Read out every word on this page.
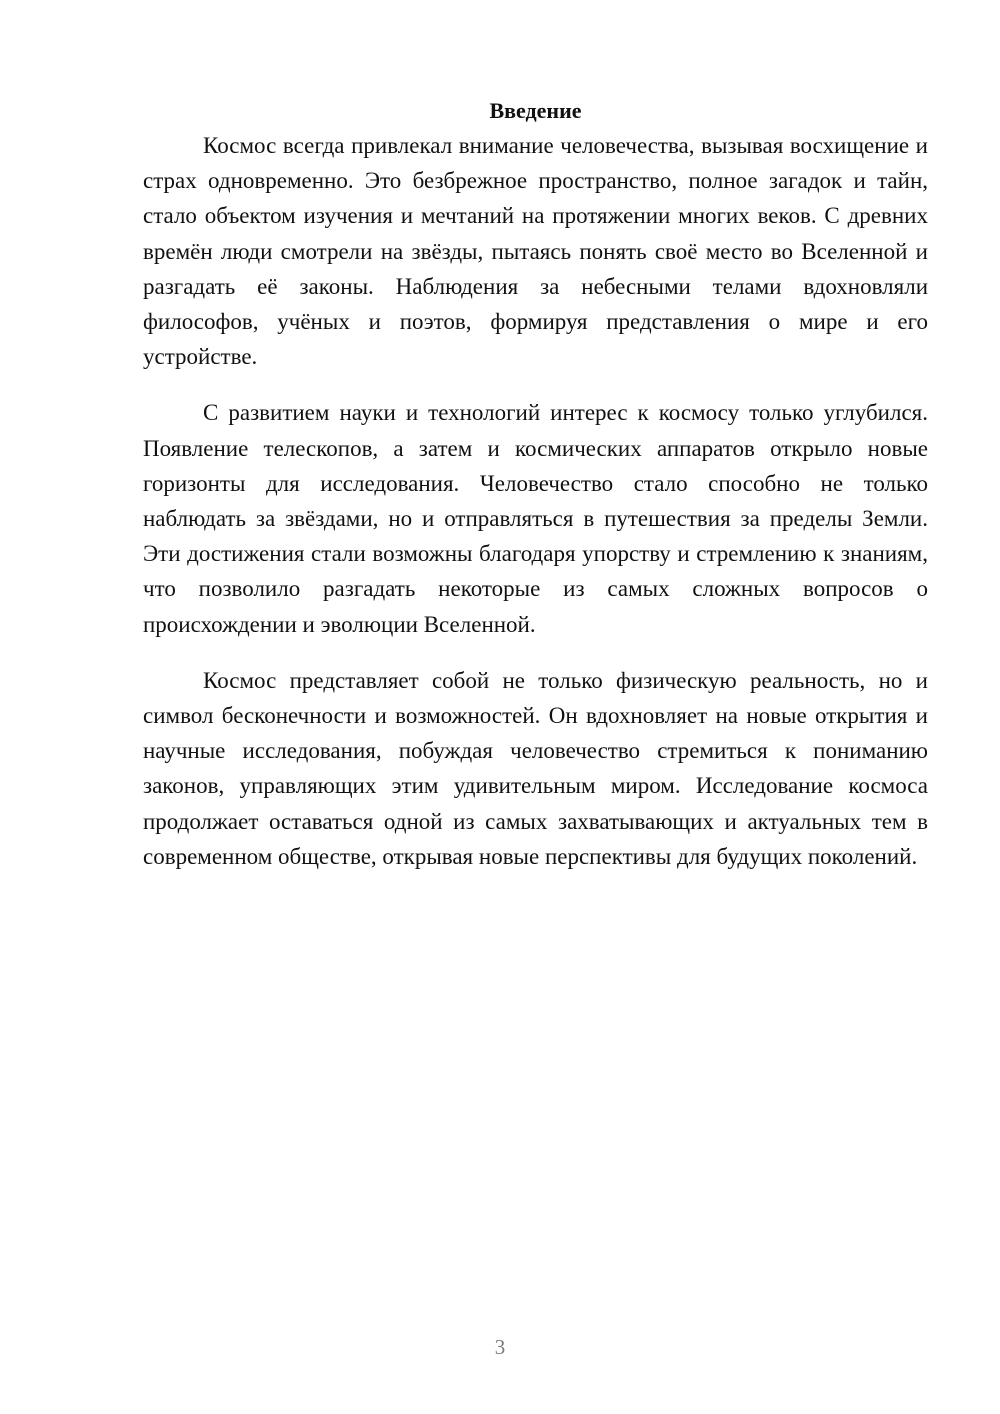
Введение

Космос всегда привлекал внимание человечества, вызывая восхищение и страх одновременно. Это безбрежное пространство, полное загадок и тайн, стало объектом изучения и мечтаний на протяжении многих веков. С древних времён люди смотрели на звёзды, пытаясь понять своё место во Вселенной и разгадать её законы. Наблюдения за небесными телами вдохновляли философов, учёных и поэтов, формируя представления о мире и его устройстве.

С развитием науки и технологий интерес к космосу только углубился. Появление телескопов, а затем и космических аппаратов открыло новые горизонты для исследования. Человечество стало способно не только наблюдать за звёздами, но и отправляться в путешествия за пределы Земли. Эти достижения стали возможны благодаря упорству и стремлению к знаниям, что позволило разгадать некоторые из самых сложных вопросов о происхождении и эволюции Вселенной.

Космос представляет собой не только физическую реальность, но и символ бесконечности и возможностей. Он вдохновляет на новые открытия и научные исследования, побуждая человечество стремиться к пониманию законов, управляющих этим удивительным миром. Исследование космоса продолжает оставаться одной из самых захватывающих и актуальных тем в современном обществе, открывая новые перспективы для будущих поколений.

3
